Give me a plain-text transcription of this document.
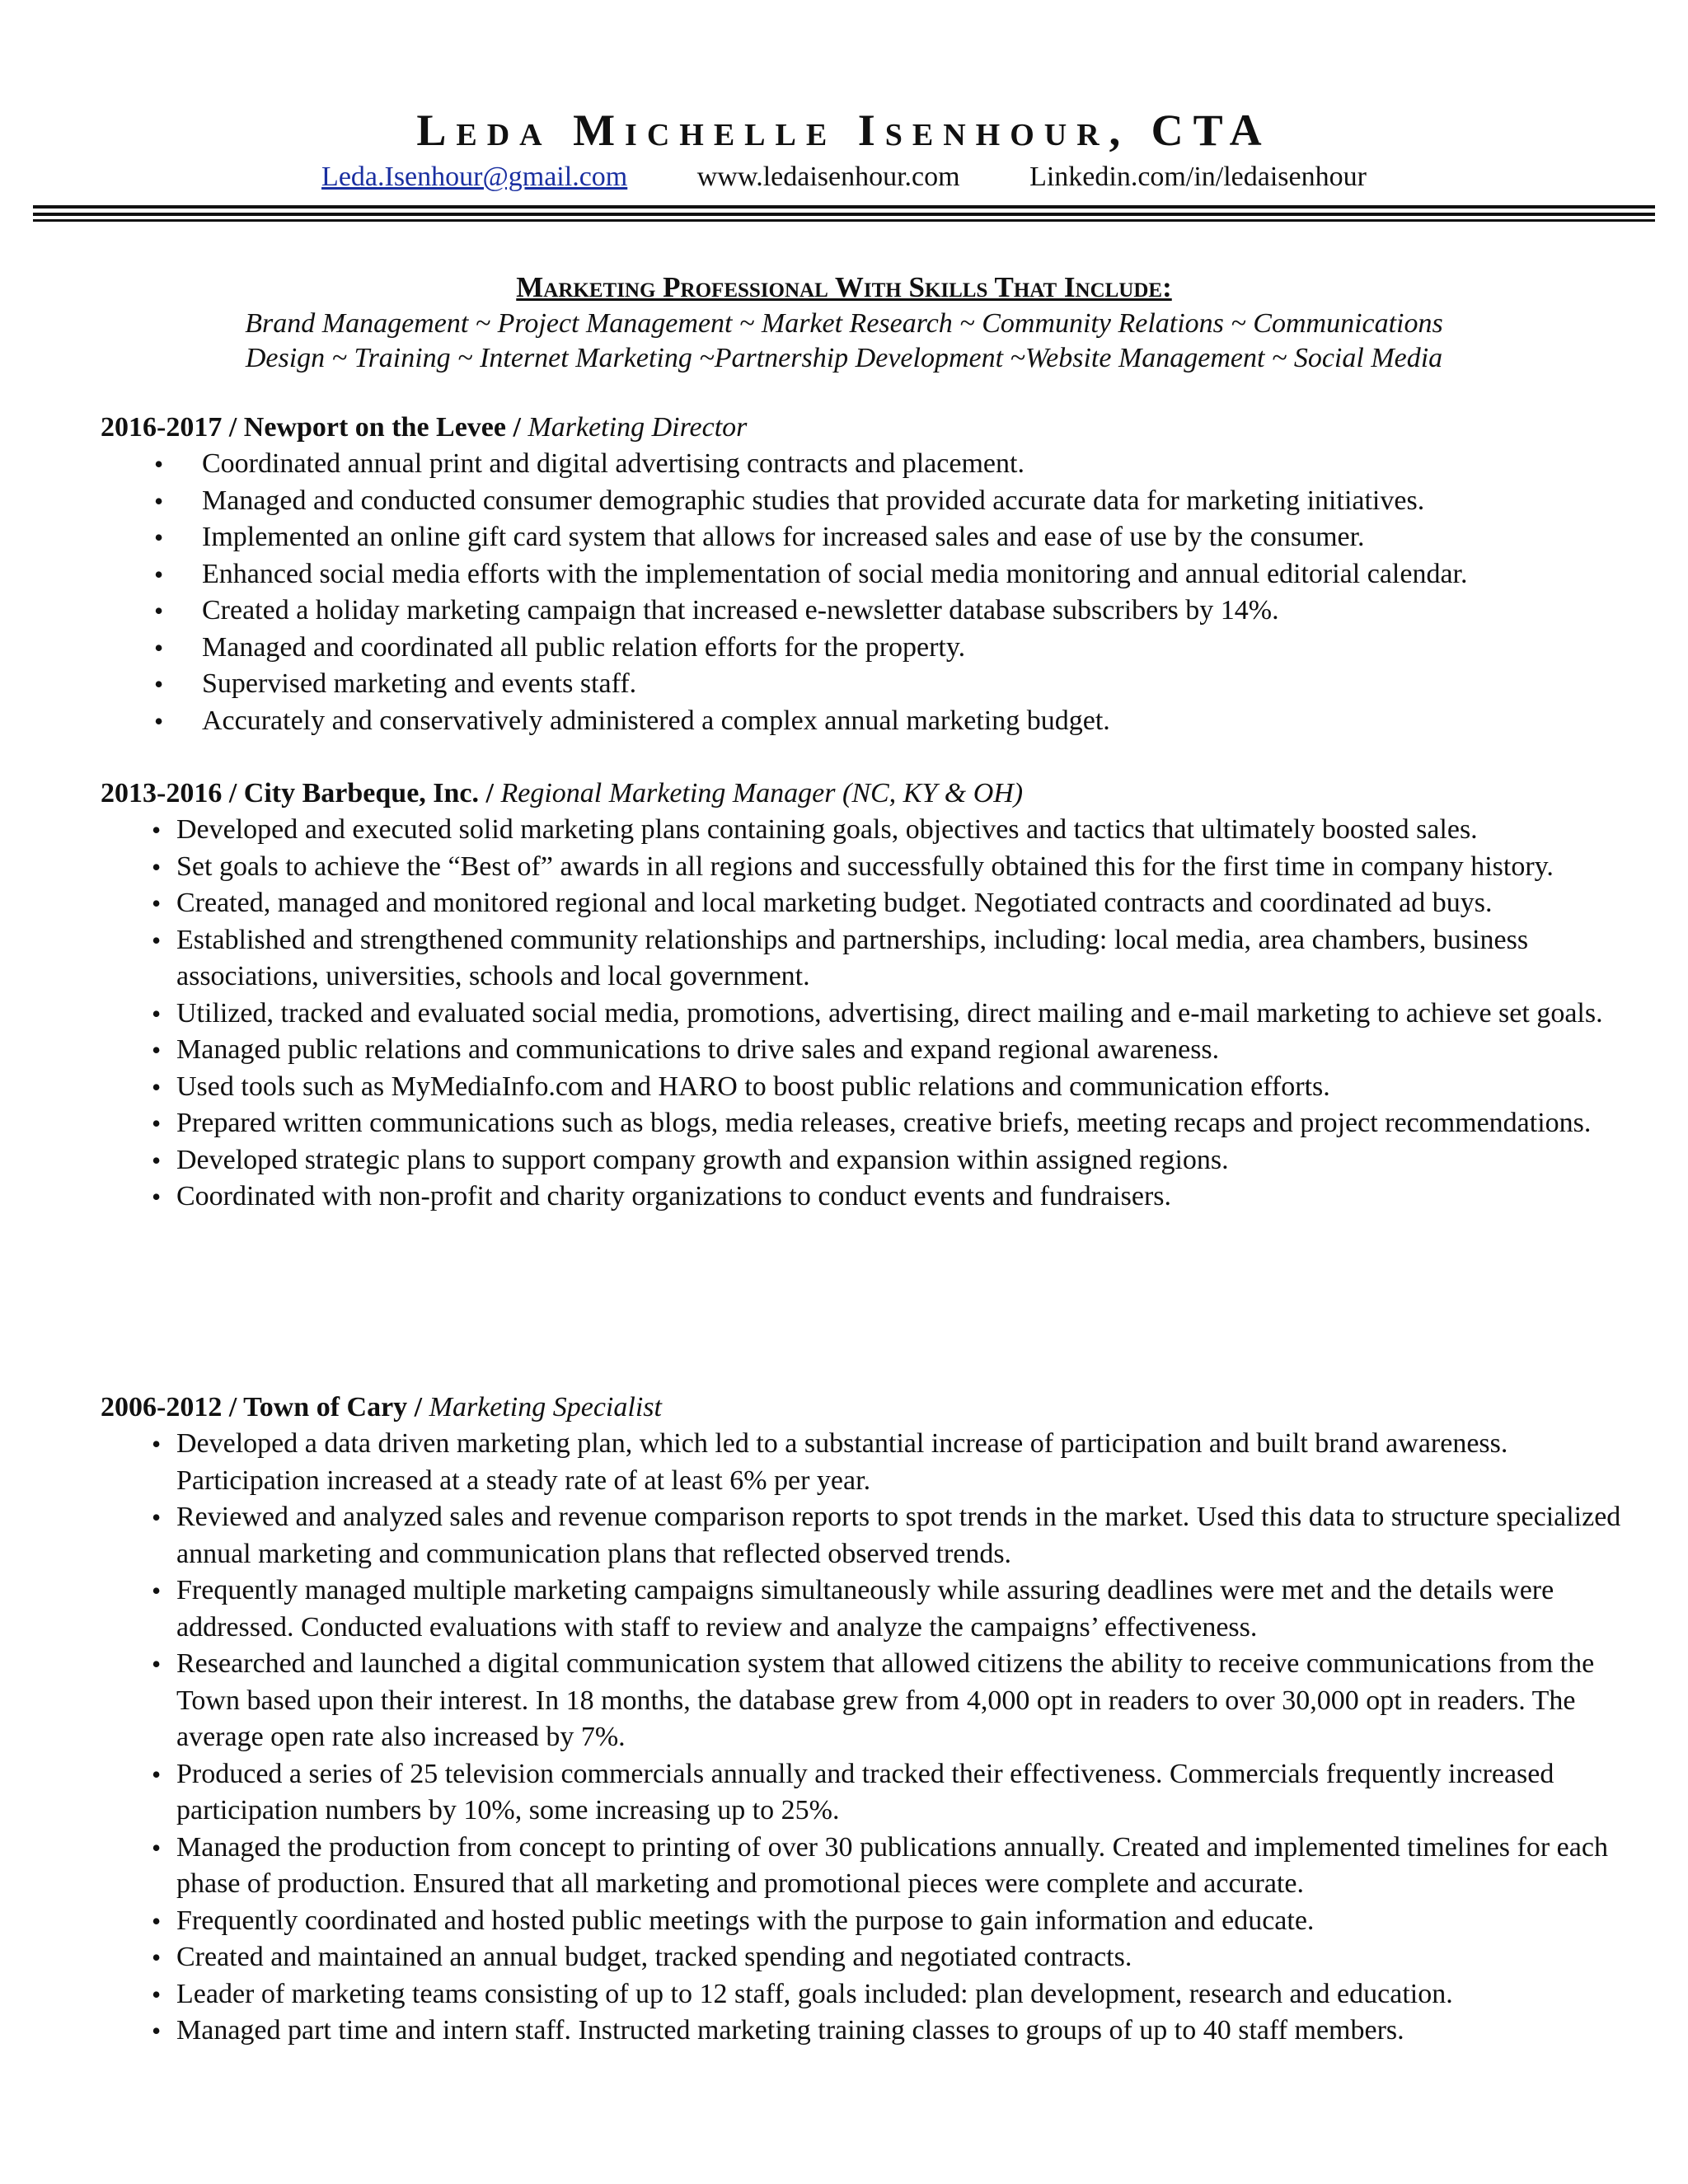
Leda Michelle Isenhour, CTA
Leda.Isenhour@gmail.com www.ledaisenhour.com Linkedin.com/in/ledaisenhour
Marketing Professional With Skills That Include:
Brand Management ~ Project Management ~ Market Research ~ Community Relations ~ Communications
Design ~ Training ~ Internet Marketing ~Partnership Development ~Website Management ~ Social Media
2016-2017 / Newport on the Levee / Marketing Director
• Coordinated annual print and digital advertising contracts and placement.
• Managed and conducted consumer demographic studies that provided accurate data for marketing initiatives.
• Implemented an online gift card system that allows for increased sales and ease of use by the consumer.
• Enhanced social media efforts with the implementation of social media monitoring and annual editorial calendar.
• Created a holiday marketing campaign that increased e-newsletter database subscribers by 14%.
• Managed and coordinated all public relation efforts for the property.
• Supervised marketing and events staff.
• Accurately and conservatively administered a complex annual marketing budget.
2013-2016 / City Barbeque, Inc. / Regional Marketing Manager (NC, KY & OH)
• Developed and executed solid marketing plans containing goals, objectives and tactics that ultimately boosted sales.
• Set goals to achieve the “Best of” awards in all regions and successfully obtained this for the first time in company history.
• Created, managed and monitored regional and local marketing budget. Negotiated contracts and coordinated ad buys.
• Established and strengthened community relationships and partnerships, including: local media, area chambers, business associations, universities, schools and local government.
• Utilized, tracked and evaluated social media, promotions, advertising, direct mailing and e-mail marketing to achieve set goals.
• Managed public relations and communications to drive sales and expand regional awareness.
• Used tools such as MyMediaInfo.com and HARO to boost public relations and communication efforts.
• Prepared written communications such as blogs, media releases, creative briefs, meeting recaps and project recommendations.
• Developed strategic plans to support company growth and expansion within assigned regions.
• Coordinated with non-profit and charity organizations to conduct events and fundraisers.
2006-2012 / Town of Cary / Marketing Specialist
• Developed a data driven marketing plan, which led to a substantial increase of participation and built brand awareness. Participation increased at a steady rate of at least 6% per year.
• Reviewed and analyzed sales and revenue comparison reports to spot trends in the market. Used this data to structure specialized annual marketing and communication plans that reflected observed trends.
• Frequently managed multiple marketing campaigns simultaneously while assuring deadlines were met and the details were addressed. Conducted evaluations with staff to review and analyze the campaigns’ effectiveness.
• Researched and launched a digital communication system that allowed citizens the ability to receive communications from the Town based upon their interest. In 18 months, the database grew from 4,000 opt in readers to over 30,000 opt in readers. The average open rate also increased by 7%.
• Produced a series of 25 television commercials annually and tracked their effectiveness. Commercials frequently increased participation numbers by 10%, some increasing up to 25%.
• Managed the production from concept to printing of over 30 publications annually. Created and implemented timelines for each phase of production. Ensured that all marketing and promotional pieces were complete and accurate.
• Frequently coordinated and hosted public meetings with the purpose to gain information and educate.
• Created and maintained an annual budget, tracked spending and negotiated contracts.
• Leader of marketing teams consisting of up to 12 staff, goals included: plan development, research and education.
• Managed part time and intern staff. Instructed marketing training classes to groups of up to 40 staff members.
